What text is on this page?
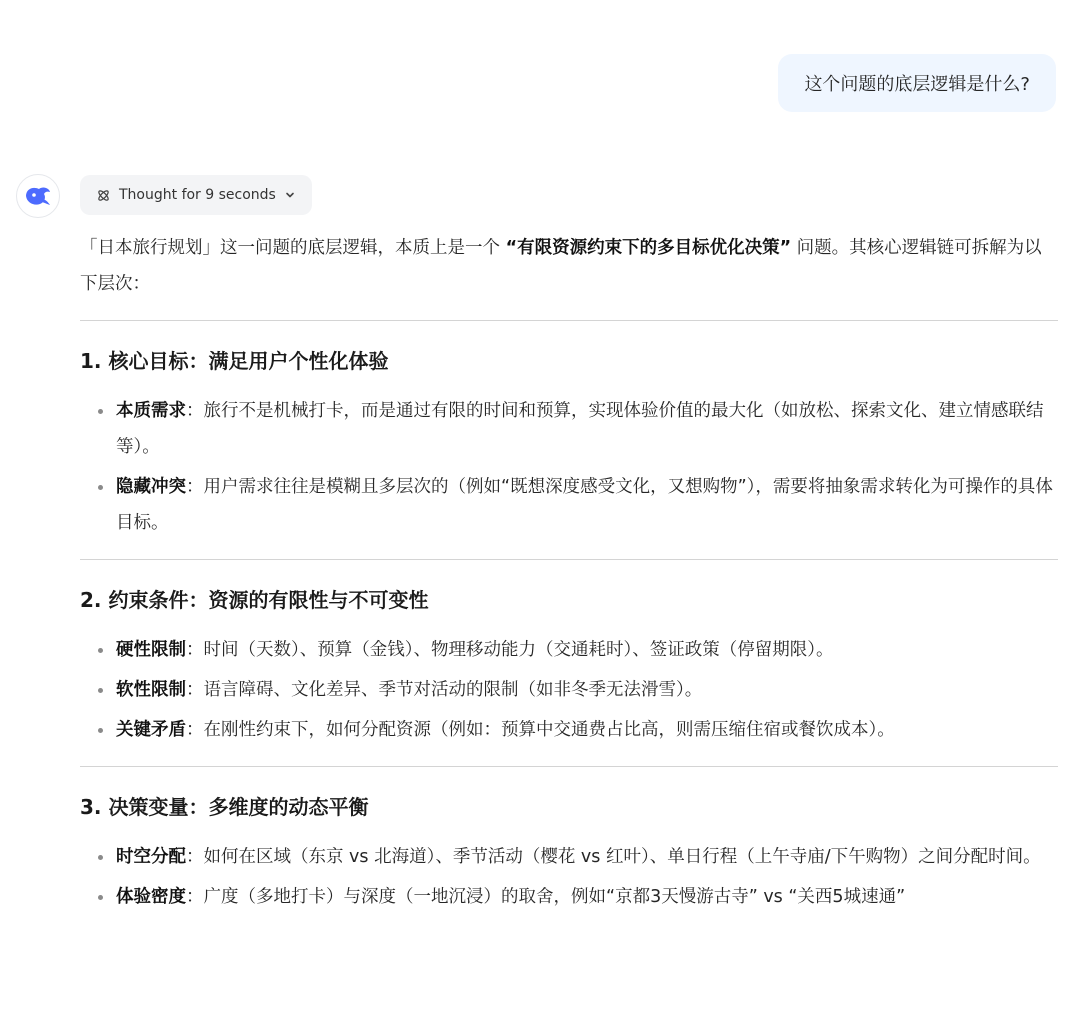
这个问题的底层逻辑是什么?
Thought for 9 seconds

「日本旅行规划」这一问题的底层逻辑，本质上是一个 “有限资源约束下的多目标优化决策” 问题。其核心逻辑链可拆解为以下层次：

1. 核心目标：满足用户个性化体验
本质需求：旅行不是机械打卡，而是通过有限的时间和预算，实现体验价值的最大化（如放松、探索文化、建立情感联结等）。
隐藏冲突：用户需求往往是模糊且多层次的（例如“既想深度感受文化，又想购物”），需要将抽象需求转化为可操作的具体目标。
2. 约束条件：资源的有限性与不可变性
硬性限制：时间（天数）、预算（金钱）、物理移动能力（交通耗时）、签证政策（停留期限）。
软性限制：语言障碍、文化差异、季节对活动的限制（如非冬季无法滑雪）。
关键矛盾：在刚性约束下，如何分配资源（例如：预算中交通费占比高，则需压缩住宿或餐饮成本）。
3. 决策变量：多维度的动态平衡
时空分配：如何在区域（东京 vs 北海道）、季节活动（樱花 vs 红叶）、单日行程（上午寺庙/下午购物）之间分配时间。
体验密度：广度（多地打卡）与深度（一地沉浸）的取舍，例如“京都3天慢游古寺” vs “关西5城速通”
